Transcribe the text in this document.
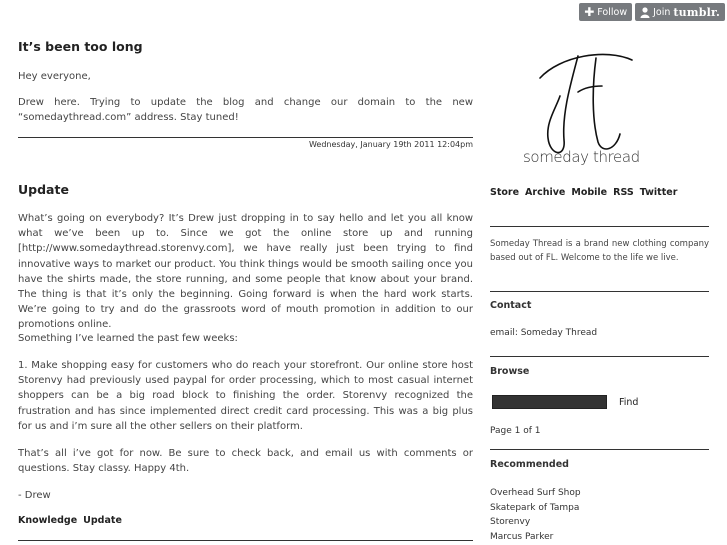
✚ Follow	Join tumblr.
It’s been too long

Hey everyone,

Drew here. Trying to update the blog and change our domain to the new “somedaythread.com” address. Stay tuned!

Wednesday, January 19th 2011 12:04pm
Update

What’s going on everybody? It’s Drew just dropping in to say hello and let you all know what we’ve been up to. Since we got the online store up and running [http://www.somedaythread.storenvy.com], we have really just been trying to find innovative ways to market our product. You think things would be smooth sailing once you have the shirts made, the store running, and some people that know about your brand. The thing is that it’s only the beginning. Going forward is when the hard work starts. We’re going to try and do the grassroots word of mouth promotion in addition to our promotions online.

Something I’ve learned the past few weeks:

1. Make shopping easy for customers who do reach your storefront. Our online store host Storenvy had previously used paypal for order processing, which to most casual internet shoppers can be a big road block to finishing the order. Storenvy recognized the frustration and has since implemented direct credit card processing. This was a big plus for us and i’m sure all the other sellers on their platform.

That’s all i’ve got for now. Be sure to check back, and email us with comments or questions. Stay classy. Happy 4th.

- Drew

Knowledge Update
someday thread
Store Archive Mobile RSS Twitter
Someday Thread is a brand new clothing company based out of FL. Welcome to the life we live.
Contact
email: Someday Thread
Browse
Find
Page 1 of 1
Recommended
Overhead Surf Shop
Skatepark of Tampa
Storenvy
Marcus Parker
